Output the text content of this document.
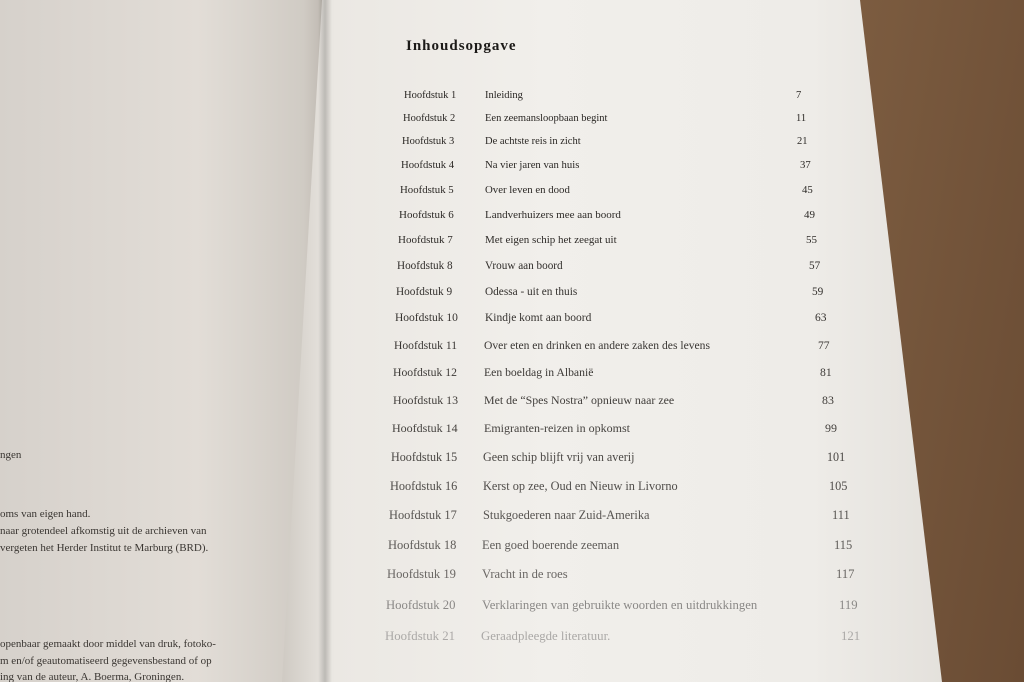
ngen
oms van eigen hand.
naar grotendeel afkomstig uit de archieven van
vergeten het Herder Institut te Marburg (BRD).
openbaar gemaakt door middel van druk, fotoko-
m en/of geautomatiseerd gegevensbestand of op
ing van de auteur, A. Boerma, Groningen.
Inhoudsopgave
Hoofdstuk 1	Inleiding	7
Hoofdstuk 2	Een zeemansloopbaan begint	11
Hoofdstuk 3	De achtste reis in zicht	21
Hoofdstuk 4	Na vier jaren van huis	37
Hoofdstuk 5	Over leven en dood	45
Hoofdstuk 6	Landverhuizers mee aan boord	49
Hoofdstuk 7	Met eigen schip het zeegat uit	55
Hoofdstuk 8	Vrouw aan boord	57
Hoofdstuk 9	Odessa - uit en thuis	59
Hoofdstuk 10 Kindje komt aan boord	63
Hoofdstuk 11 Over eten en drinken en andere zaken des levens	77
Hoofdstuk 12 Een boeldag in Albanië	81
Hoofdstuk 13 Met de “Spes Nostra” opnieuw naar zee	83
Hoofdstuk 14 Emigranten-reizen in opkomst	99
Hoofdstuk 15 Geen schip blijft vrij van averij	101
Hoofdstuk 16 Kerst op zee, Oud en Nieuw in Livorno	105
Hoofdstuk 17 Stukgoederen naar Zuid-Amerika	111
Hoofdstuk 18 Een goed boerende zeeman	115
Hoofdstuk 19 Vracht in de roes	117
Hoofdstuk 20 Verklaringen van gebruikte woorden en uitdrukkingen	119
Hoofdstuk 21 Geraadpleegde literatuur.	121
